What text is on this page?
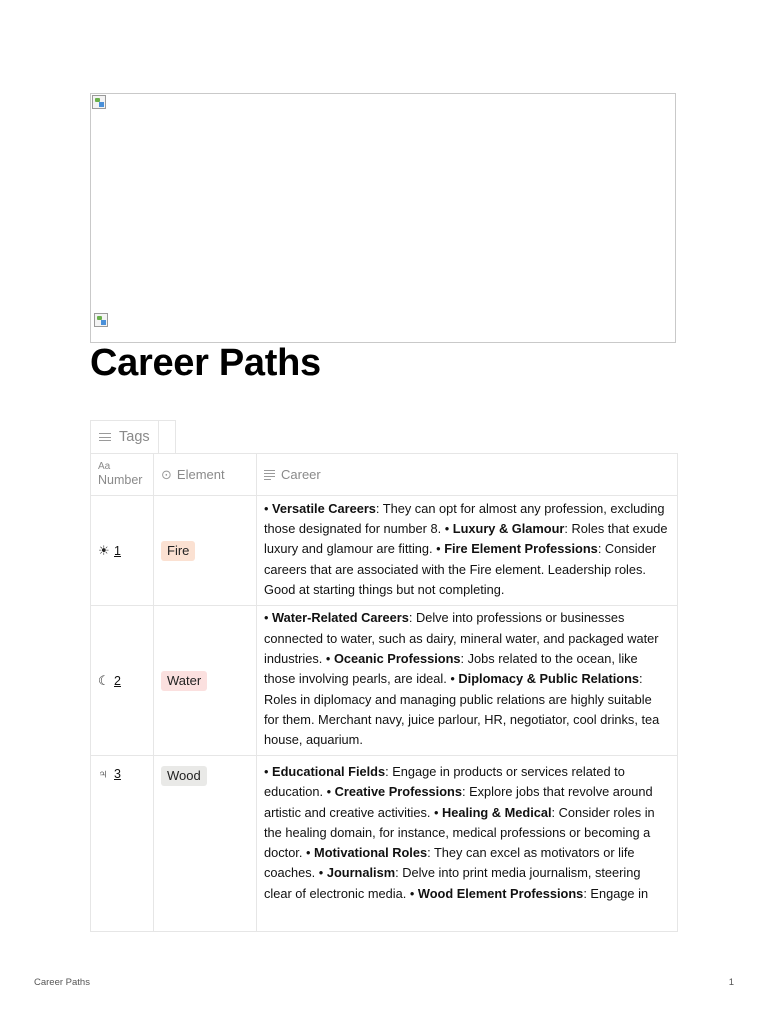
Career Paths
Tags
Aa
Number	⊙ Element	Career
☀ 1	Fire	• Versatile Careers: They can opt for almost any profession, excluding those designated for number 8. • Luxury & Glamour: Roles that exude luxury and glamour are fitting. • Fire Element Professions: Consider careers that are associated with the Fire element. Leadership roles. Good at starting things but not completing.

☾ 2	Water	• Water-Related Careers: Delve into professions or businesses connected to water, such as dairy, mineral water, and packaged water industries. • Oceanic Professions: Jobs related to the ocean, like those involving pearls, are ideal. • Diplomacy & Public Relations: Roles in diplomacy and managing public relations are highly suitable for them. Merchant navy, juice parlour, HR, negotiator, cool drinks, tea house, aquarium.

♃ 3	Wood	• Educational Fields: Engage in products or services related to education. • Creative Professions: Explore jobs that revolve around artistic and creative activities. • Healing & Medical: Consider roles in the healing domain, for instance, medical professions or becoming a doctor. • Motivational Roles: They can excel as motivators or life coaches. • Journalism: Delve into print media journalism, steering clear of electronic media. • Wood Element Professions: Engage in
Career Paths	1
